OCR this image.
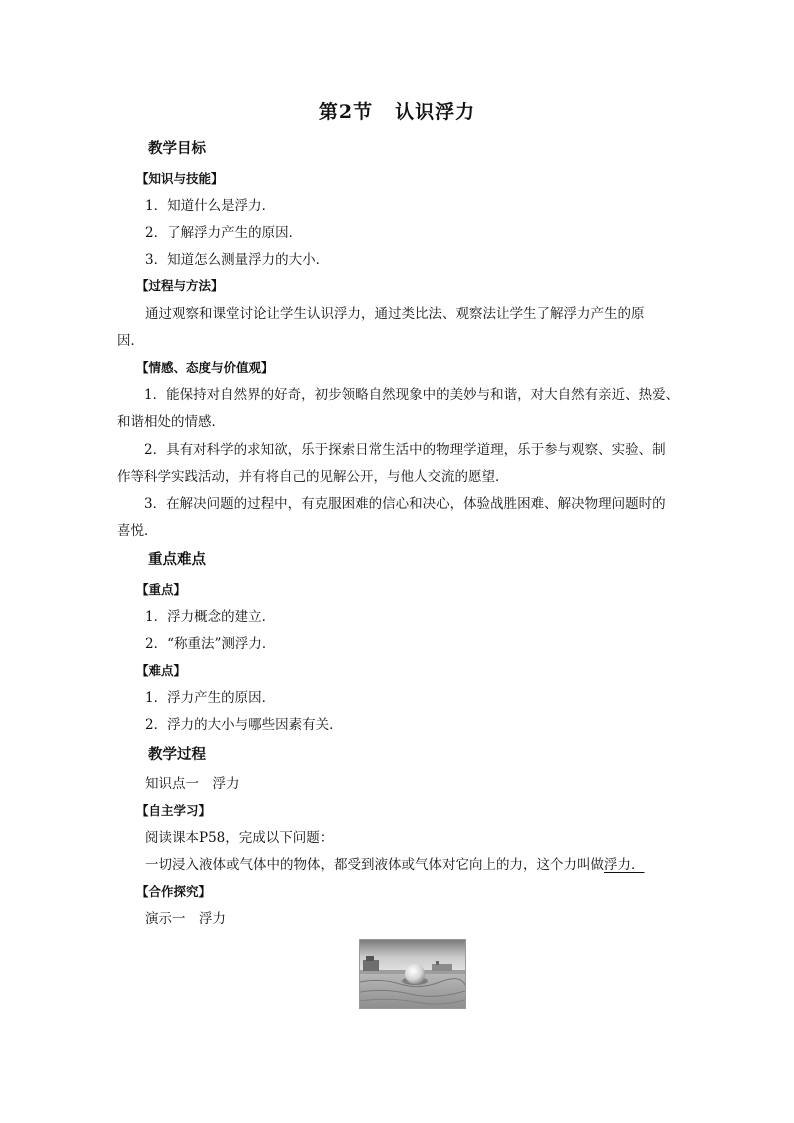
第2节 认识浮力
教学目标
【知识与技能】
1．知道什么是浮力．
2．了解浮力产生的原因．
3．知道怎么测量浮力的大小．
【过程与方法】
通过观察和课堂讨论让学生认识浮力，通过类比法、观察法让学生了解浮力产生的原
因．
【情感、态度与价值观】
1．能保持对自然界的好奇，初步领略自然现象中的美妙与和谐，对大自然有亲近、热爱、
和谐相处的情感．
2．具有对科学的求知欲，乐于探索日常生活中的物理学道理，乐于参与观察、实验、制
作等科学实践活动，并有将自己的见解公开，与他人交流的愿望．
3．在解决问题的过程中，有克服困难的信心和决心，体验战胜困难、解决物理问题时的
喜悦．
重点难点
【重点】
1．浮力概念的建立．
2．“称重法”测浮力．
【难点】
1．浮力产生的原因．
2．浮力的大小与哪些因素有关．
教学过程
知识点一　浮力
【自主学习】
阅读课本P58，完成以下问题：
一切浸入液体或气体中的物体，都受到液体或气体对它向上的力，这个力叫做浮力．
【合作探究】
演示一　浮力
